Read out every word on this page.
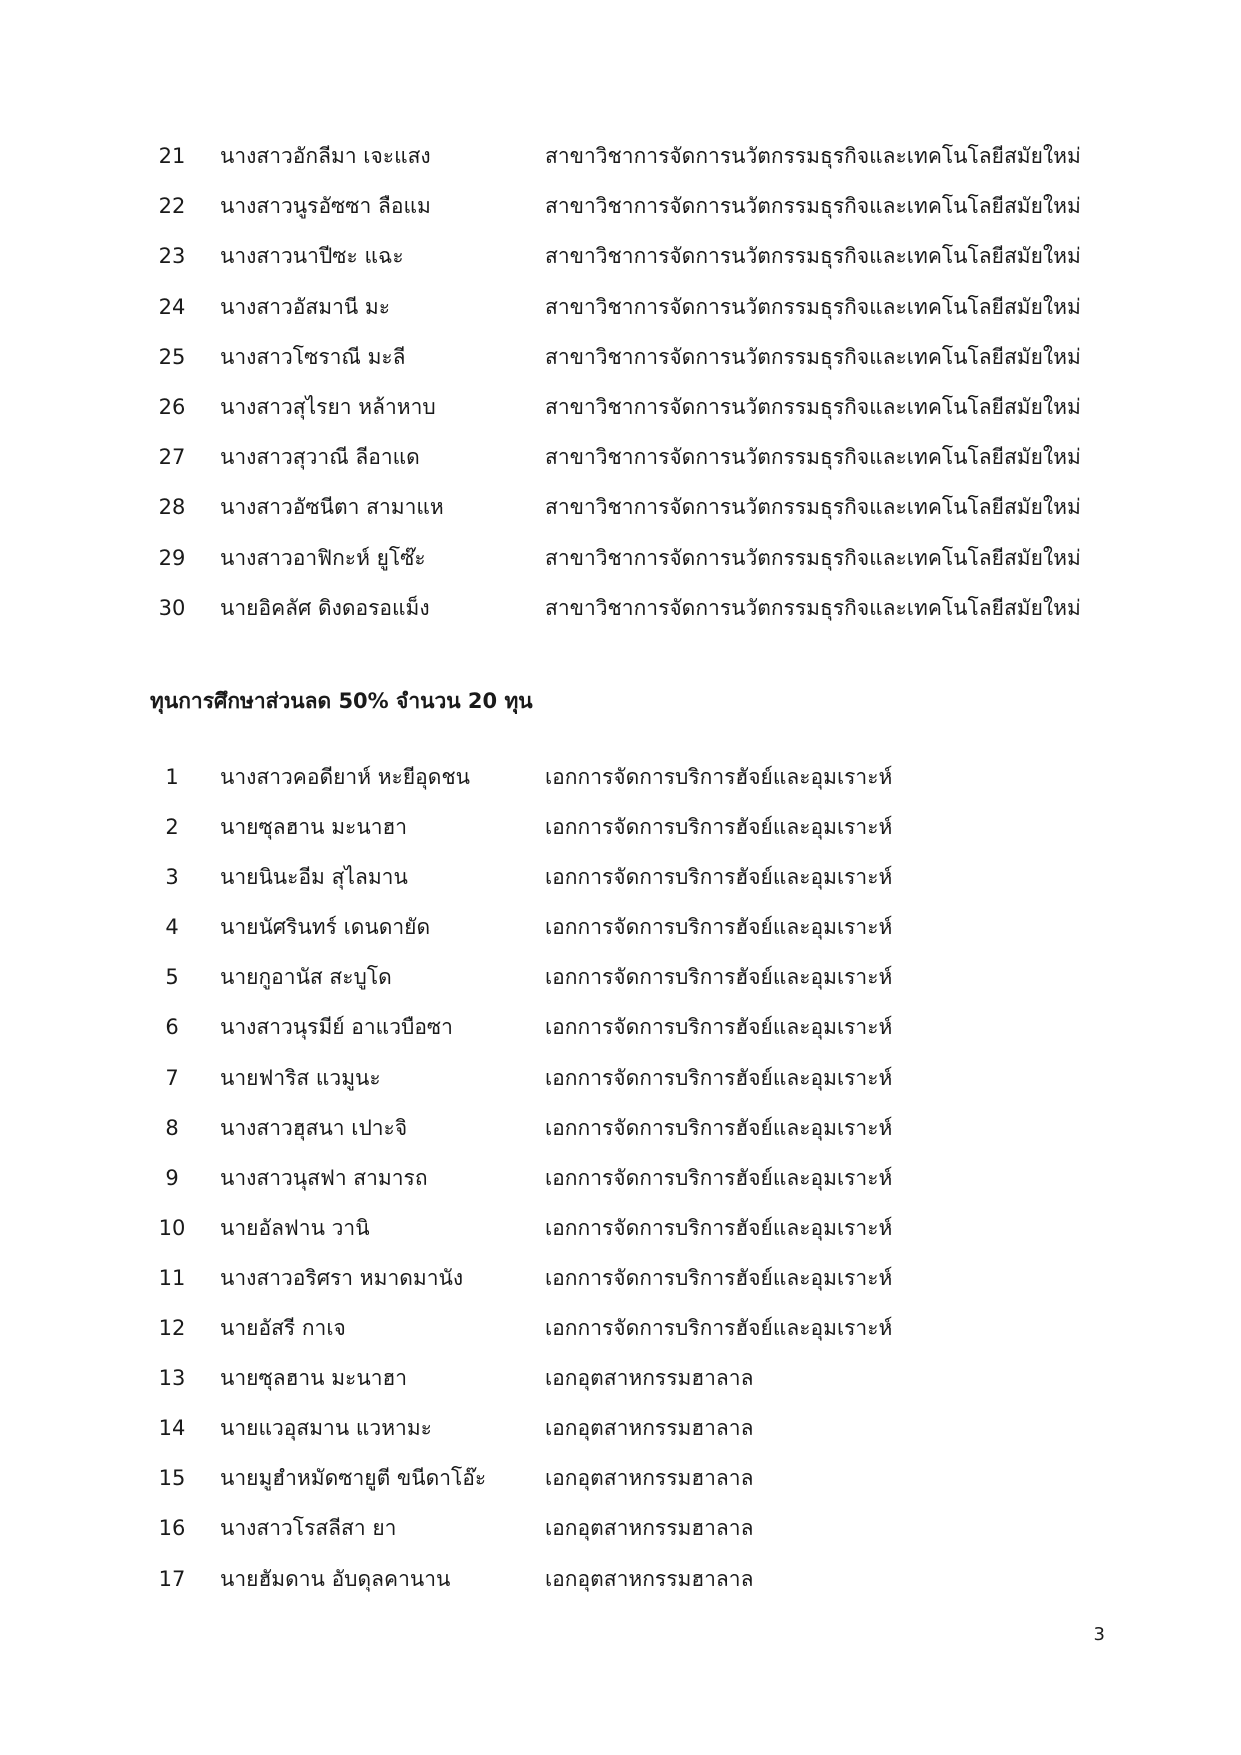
21	นางสาวอักลีมา เจะแสง	สาขาวิชาการจัดการนวัตกรรมธุรกิจและเทคโนโลยีสมัยใหม่
22	นางสาวนูรอัซซา ลือแม	สาขาวิชาการจัดการนวัตกรรมธุรกิจและเทคโนโลยีสมัยใหม่
23	นางสาวนาปีซะ แฉะ	สาขาวิชาการจัดการนวัตกรรมธุรกิจและเทคโนโลยีสมัยใหม่
24	นางสาวอัสมานี มะ	สาขาวิชาการจัดการนวัตกรรมธุรกิจและเทคโนโลยีสมัยใหม่
25	นางสาวโซราณี มะลี	สาขาวิชาการจัดการนวัตกรรมธุรกิจและเทคโนโลยีสมัยใหม่
26	นางสาวสุไรยา หล้าหาบ	สาขาวิชาการจัดการนวัตกรรมธุรกิจและเทคโนโลยีสมัยใหม่
27	นางสาวสุวาณี ลีอาแด	สาขาวิชาการจัดการนวัตกรรมธุรกิจและเทคโนโลยีสมัยใหม่
28	นางสาวอัซนีตา สามาแห	สาขาวิชาการจัดการนวัตกรรมธุรกิจและเทคโนโลยีสมัยใหม่
29	นางสาวอาฟิกะห์ ยูโซ๊ะ	สาขาวิชาการจัดการนวัตกรรมธุรกิจและเทคโนโลยีสมัยใหม่
30	นายอิคลัศ ดิงดอรอแม็ง	สาขาวิชาการจัดการนวัตกรรมธุรกิจและเทคโนโลยีสมัยใหม่
ทุนการศึกษาส่วนลด 50% จำนวน 20 ทุน
1	นางสาวคอดียาห์ หะยีอุดชน	เอกการจัดการบริการฮัจย์และอุมเราะห์
2	นายซุลฮาน มะนาฮา	เอกการจัดการบริการฮัจย์และอุมเราะห์
3	นายนินะอีม สุไลมาน	เอกการจัดการบริการฮัจย์และอุมเราะห์
4	นายนัศรินทร์ เดนดายัด	เอกการจัดการบริการฮัจย์และอุมเราะห์
5	นายกูอานัส สะบูโด	เอกการจัดการบริการฮัจย์และอุมเราะห์
6	นางสาวนุรมีย์ อาแวบือซา	เอกการจัดการบริการฮัจย์และอุมเราะห์
7	นายฟาริส แวมูนะ	เอกการจัดการบริการฮัจย์และอุมเราะห์
8	นางสาวฮุสนา เปาะจิ	เอกการจัดการบริการฮัจย์และอุมเราะห์
9	นางสาวนุสฟา สามารถ	เอกการจัดการบริการฮัจย์และอุมเราะห์
10	นายอัลฟาน วานิ	เอกการจัดการบริการฮัจย์และอุมเราะห์
11	นางสาวอริศรา หมาดมานัง	เอกการจัดการบริการฮัจย์และอุมเราะห์
12	นายอัสรี กาเจ	เอกการจัดการบริการฮัจย์และอุมเราะห์
13	นายซุลฮาน มะนาฮา	เอกอุตสาหกรรมฮาลาล
14	นายแวอุสมาน แวหามะ	เอกอุตสาหกรรมฮาลาล
15	นายมูฮำหมัดซายูตี ขนีดาโอ๊ะ	เอกอุตสาหกรรมฮาลาล
16	นางสาวโรสลีสา ยา	เอกอุตสาหกรรมฮาลาล
17	นายฮัมดาน อับดุลคานาน	เอกอุตสาหกรรมฮาลาล
3
